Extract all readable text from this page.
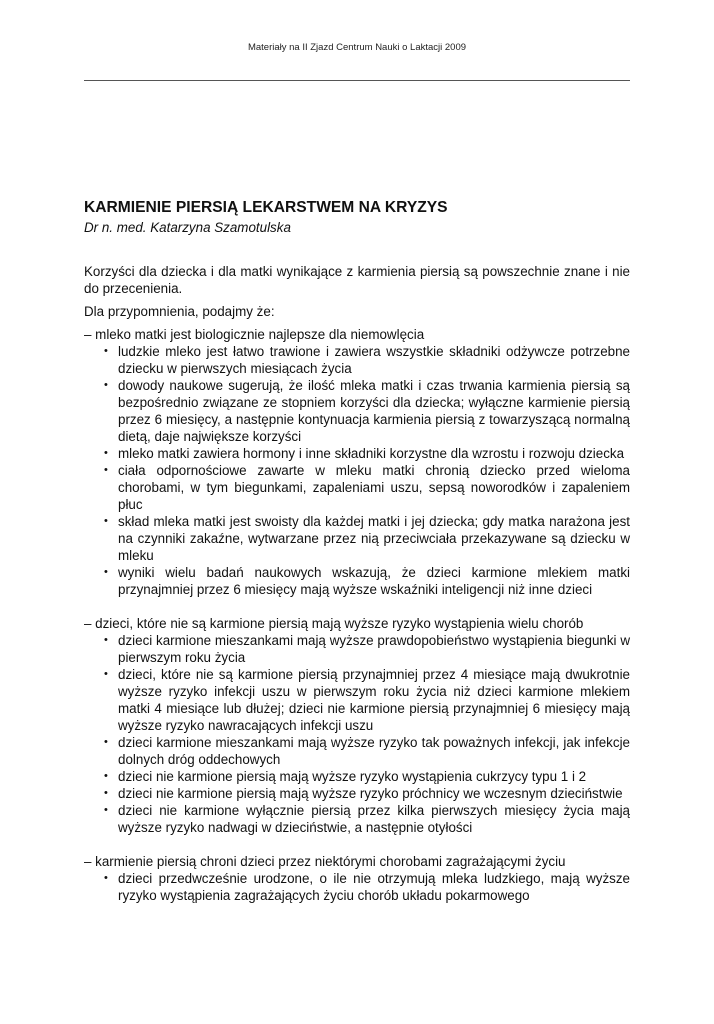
Materiały na II Zjazd Centrum Nauki o Laktacji 2009
KARMIENIE PIERSIĄ LEKARSTWEM NA KRYZYS

Dr n. med. Katarzyna Szamotulska

Korzyści dla dziecka i dla matki wynikające z karmienia piersią są powszechnie znane i nie do przecenienia.

Dla przypomnienia, podajmy że:

– mleko matki jest biologicznie najlepsze dla niemowlęcia

• ludzkie mleko jest łatwo trawione i zawiera wszystkie składniki odżywcze potrzebne dziecku w pierwszych miesiącach życia
• dowody naukowe sugerują, że ilość mleka matki i czas trwania karmienia piersią są bezpośrednio związane ze stopniem korzyści dla dziecka; wyłączne karmienie piersią przez 6 miesięcy, a następnie kontynuacja karmienia piersią z towarzyszącą normalną dietą, daje największe korzyści
• mleko matki zawiera hormony i inne składniki korzystne dla wzrostu i rozwoju dziecka
• ciała odpornościowe zawarte w mleku matki chronią dziecko przed wieloma chorobami, w tym biegunkami, zapaleniami uszu, sepsą noworodków i zapaleniem płuc
• skład mleka matki jest swoisty dla każdej matki i jej dziecka; gdy matka narażona jest na czynniki zakaźne, wytwarzane przez nią przeciwciała przekazywane są dziecku w mleku
• wyniki wielu badań naukowych wskazują, że dzieci karmione mlekiem matki przynajmniej przez 6 miesięcy mają wyższe wskaźniki inteligencji niż inne dzieci

– dzieci, które nie są karmione piersią mają wyższe ryzyko wystąpienia wielu chorób

• dzieci karmione mieszankami mają wyższe prawdopobieństwo wystąpienia biegunki w pierwszym roku życia
• dzieci, które nie są karmione piersią przynajmniej przez 4 miesiące mają dwukrotnie wyższe ryzyko infekcji uszu w pierwszym roku życia niż dzieci karmione mlekiem matki 4 miesiące lub dłużej; dzieci nie karmione piersią przynajmniej 6 miesięcy mają wyższe ryzyko nawracających infekcji uszu
• dzieci karmione mieszankami mają wyższe ryzyko tak poważnych infekcji, jak infekcje dolnych dróg oddechowych
• dzieci nie karmione piersią mają wyższe ryzyko wystąpienia cukrzycy typu 1 i 2
• dzieci nie karmione piersią mają wyższe ryzyko próchnicy we wczesnym dzieciństwie
• dzieci nie karmione wyłącznie piersią przez kilka pierwszych miesięcy życia mają wyższe ryzyko nadwagi w dzieciństwie, a następnie otyłości

– karmienie piersią chroni dzieci przez niektórymi chorobami zagrażającymi życiu

• dzieci przedwcześnie urodzone, o ile nie otrzymują mleka ludzkiego, mają wyższe ryzyko wystąpienia zagrażających życiu chorób układu pokarmowego
